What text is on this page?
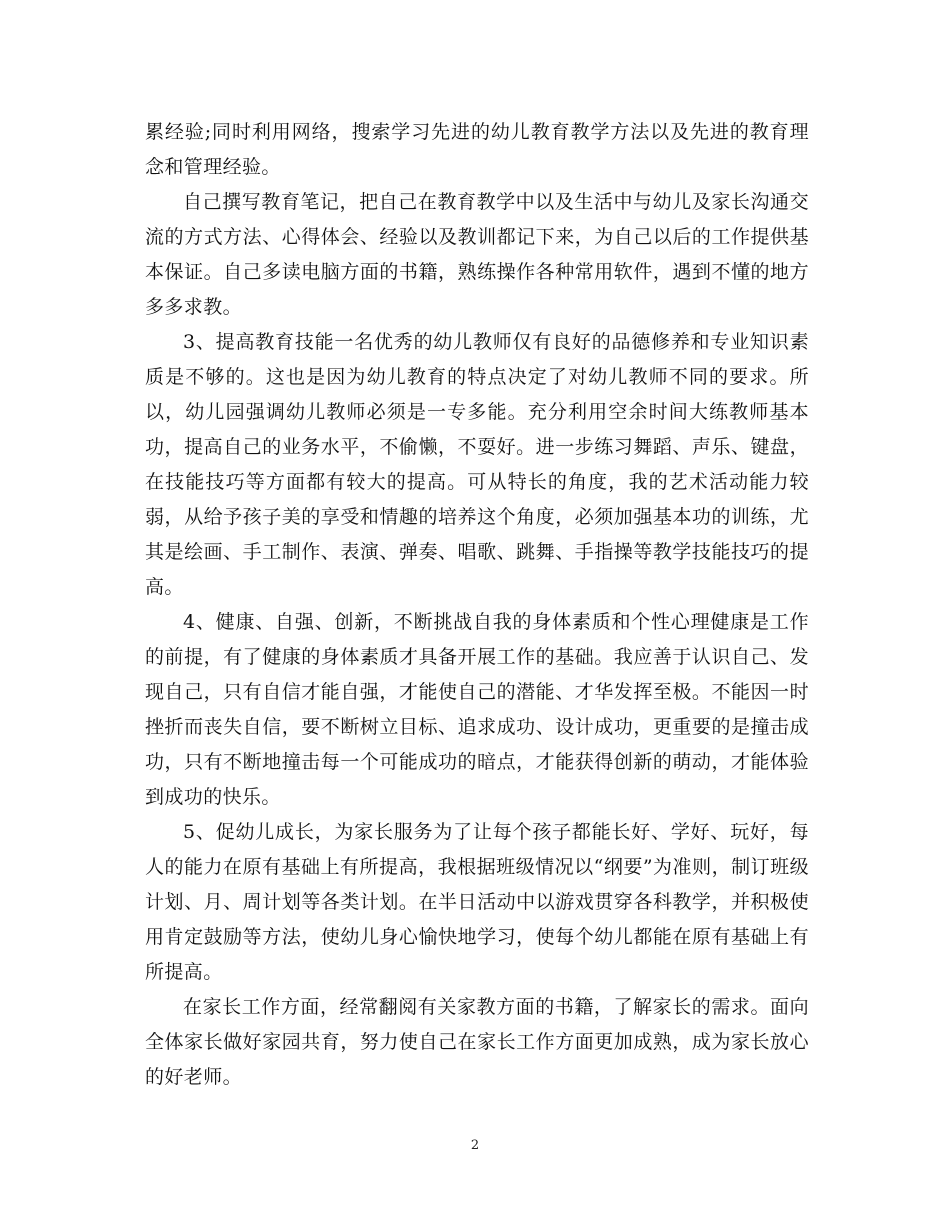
累经验;同时利用网络，搜索学习先进的幼儿教育教学方法以及先进的教育理念和管理经验。

自己撰写教育笔记，把自己在教育教学中以及生活中与幼儿及家长沟通交流的方式方法、心得体会、经验以及教训都记下来，为自己以后的工作提供基本保证。自己多读电脑方面的书籍，熟练操作各种常用软件，遇到不懂的地方多多求教。

3、提高教育技能一名优秀的幼儿教师仅有良好的品德修养和专业知识素质是不够的。这也是因为幼儿教育的特点决定了对幼儿教师不同的要求。所以，幼儿园强调幼儿教师必须是一专多能。充分利用空余时间大练教师基本功，提高自己的业务水平，不偷懒，不耍好。进一步练习舞蹈、声乐、键盘，在技能技巧等方面都有较大的提高。可从特长的角度，我的艺术活动能力较弱，从给予孩子美的享受和情趣的培养这个角度，必须加强基本功的训练，尤其是绘画、手工制作、表演、弹奏、唱歌、跳舞、手指操等教学技能技巧的提高。

4、健康、自强、创新，不断挑战自我的身体素质和个性心理健康是工作的前提，有了健康的身体素质才具备开展工作的基础。我应善于认识自己、发现自己，只有自信才能自强，才能使自己的潜能、才华发挥至极。不能因一时挫折而丧失自信，要不断树立目标、追求成功、设计成功，更重要的是撞击成功，只有不断地撞击每一个可能成功的暗点，才能获得创新的萌动，才能体验到成功的快乐。

5、促幼儿成长，为家长服务为了让每个孩子都能长好、学好、玩好，每人的能力在原有基础上有所提高，我根据班级情况以“纲要”为准则，制订班级计划、月、周计划等各类计划。在半日活动中以游戏贯穿各科教学，并积极使用肯定鼓励等方法，使幼儿身心愉快地学习，使每个幼儿都能在原有基础上有所提高。

在家长工作方面，经常翻阅有关家教方面的书籍，了解家长的需求。面向全体家长做好家园共育，努力使自己在家长工作方面更加成熟，成为家长放心的好老师。

2
